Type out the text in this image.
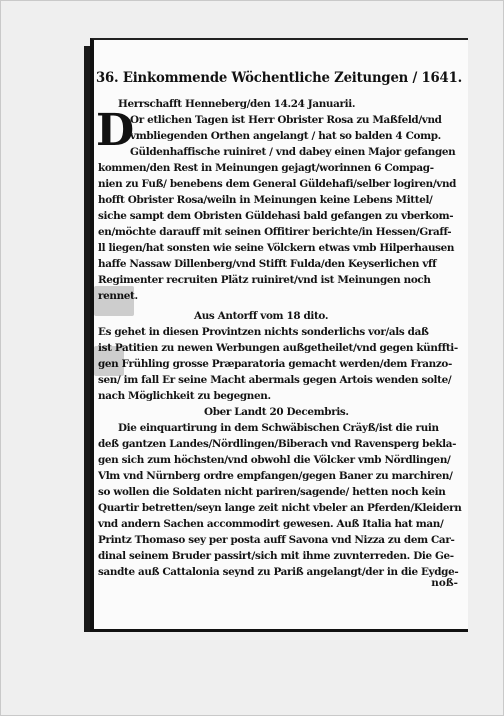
36. Einkommende Wöchentliche Zeitungen / 1641.
D
Herrschafft Henneberg/den 14.24 Januarii.
Or etlichen Tagen ist Herr Obrister Rosa zu Maßfeld/vnd
vmbliegenden Orthen angelangt / hat so balden 4 Comp.
Güldenhaffische ruiniret / vnd dabey einen Major gefangen
kommen/den Rest in Meinungen gejagt/worinnen 6 Compag-
nien zu Fuß/ benebens dem General Güldehafi/selber logiren/vnd
hofft Obrister Rosa/weiln in Meinungen keine Lebens Mittel/
siche sampt dem Obristen Güldehasi bald gefangen zu vberkom-
en/möchte darauff mit seinen Offitirer berichte/in Hessen/Graff-
ll liegen/hat sonsten wie seine Völckern etwas vmb Hilperhausen
haffe Nassaw Dillenberg/vnd Stifft Fulda/den Keyserlichen vff
Regimenter recruiten Plätz ruiniret/vnd ist Meinungen noch
rennet.
Aus Antorff vom 18 dito.
Es gehet in diesen Provintzen nichts sonderlichs vor/als daß
ist Patitien zu newen Werbungen außgetheilet/vnd gegen künffti-
gen Frühling grosse Præparatoria gemacht werden/dem Franzo-
sen/ im fall Er seine Macht abermals gegen Artois wenden solte/
nach Möglichkeit zu begegnen.
Ober Landt 20 Decembris.
Die einquartirung in dem Schwäbischen Cräyß/ist die ruin
deß gantzen Landes/Nördlingen/Biberach vnd Ravensperg bekla-
gen sich zum höchsten/vnd obwohl die Völcker vmb Nördlingen/
Vlm vnd Nürnberg ordre empfangen/gegen Baner zu marchiren/
so wollen die Soldaten nicht pariren/sagende/ hetten noch kein
Quartir betretten/seyn lange zeit nicht vbeler an Pferden/Kleidern
vnd andern Sachen accommodirt gewesen. Auß Italia hat man/
Printz Thomaso sey per posta auff Savona vnd Nizza zu dem Car-
dinal seinem Bruder passirt/sich mit ihme zuvnterreden. Die Ge-
sandte auß Cattalonia seynd zu Pariß angelangt/der in die Eydge-
noß-
